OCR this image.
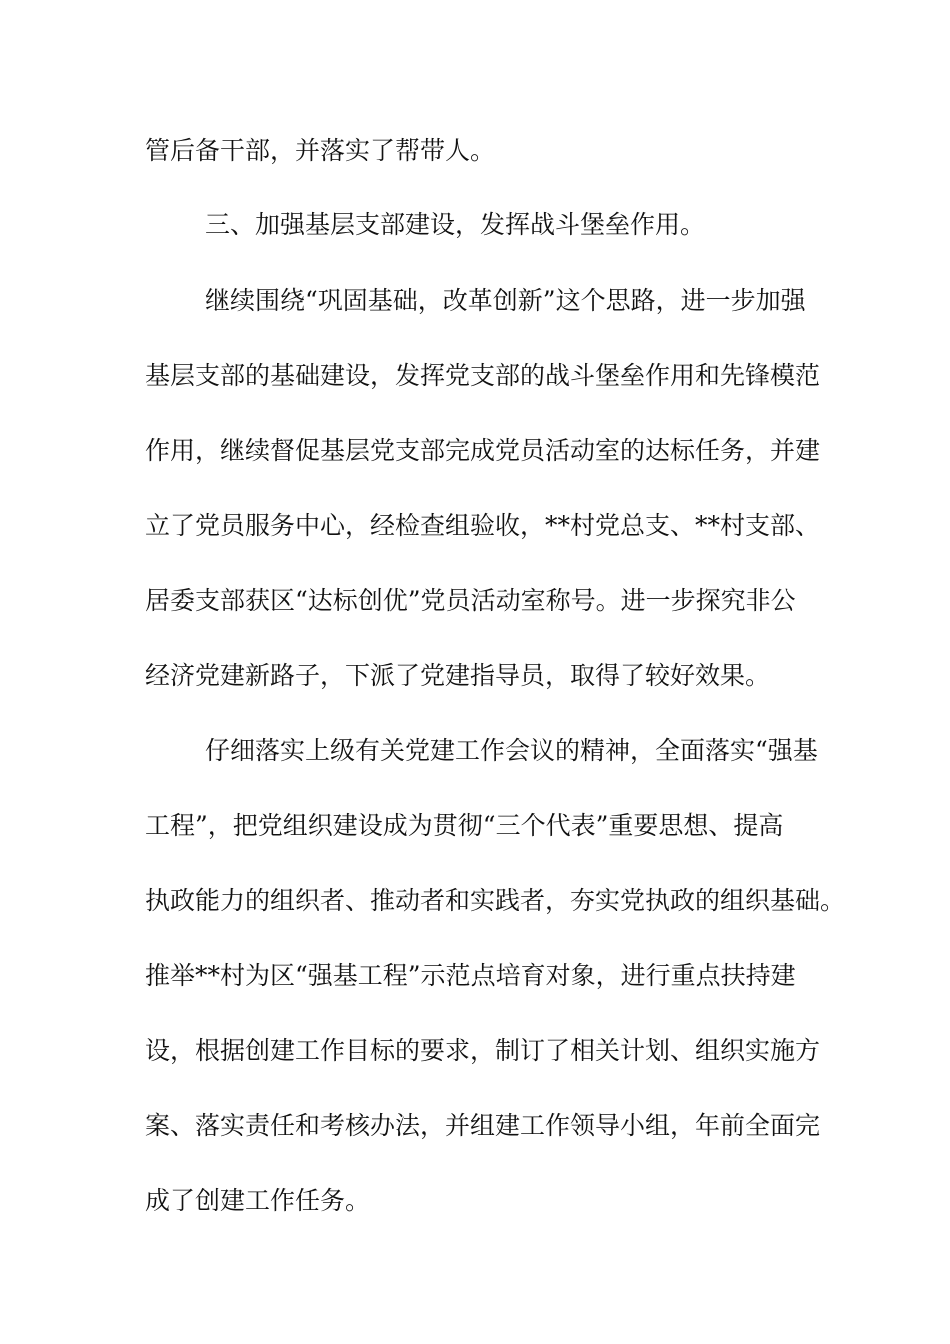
管后备干部，并落实了帮带人。
三、加强基层支部建设，发挥战斗堡垒作用。
继续围绕“巩固基础，改革创新”这个思路，进一步加强
基层支部的基础建设，发挥党支部的战斗堡垒作用和先锋模范
作用，继续督促基层党支部完成党员活动室的达标任务，并建
立了党员服务中心，经检查组验收，**村党总支、**村支部、
居委支部获区“达标创优”党员活动室称号。进一步探究非公
经济党建新路子，下派了党建指导员，取得了较好效果。
仔细落实上级有关党建工作会议的精神，全面落实“强基
工程”，把党组织建设成为贯彻“三个代表”重要思想、提高
执政能力的组织者、推动者和实践者，夯实党执政的组织基础。
推举**村为区“强基工程”示范点培育对象，进行重点扶持建
设，根据创建工作目标的要求，制订了相关计划、组织实施方
案、落实责任和考核办法，并组建工作领导小组，年前全面完
成了创建工作任务。
